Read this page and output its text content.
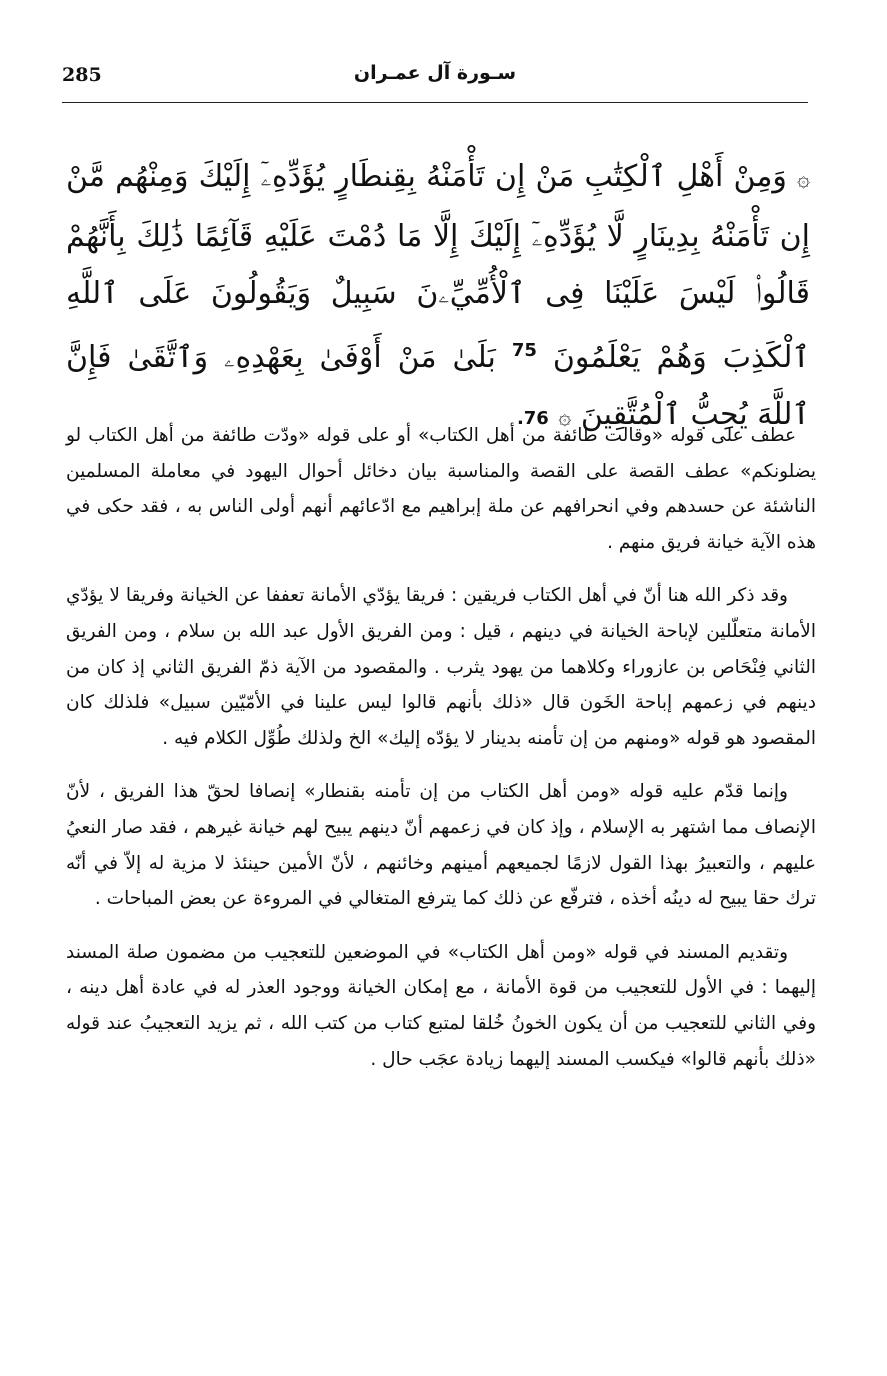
285	سـورة آل عمـران
۞ وَمِنْ أَهْلِ ٱلْكِتَٰبِ مَنْ إِن تَأْمَنْهُ بِقِنطَارٍ يُؤَدِّهِۦٓ إِلَيْكَ وَمِنْهُم مَّنْ إِن تَأْمَنْهُ بِدِينَارٍ لَّا يُؤَدِّهِۦٓ إِلَيْكَ إِلَّا مَا دُمْتَ عَلَيْهِ قَآئِمًا ذَٰلِكَ بِأَنَّهُمْ قَالُوا۟ لَيْسَ عَلَيْنَا فِى ٱلْأُمِّيِّۦنَ سَبِيلٌ وَيَقُولُونَ عَلَى ٱللَّهِ ٱلْكَذِبَ وَهُمْ يَعْلَمُونَ $^{75}$ بَلَىٰ مَنْ أَوْفَىٰ بِعَهْدِهِۦ وَٱتَّقَىٰ فَإِنَّ ٱللَّهَ يُحِبُّ ٱلْمُتَّقِينَ ۞ 76.

عطف على قوله «وقالت طائفة من أهل الكتاب» أو على قوله «ودّت طائفة من أهل الكتاب لو يضلونكم» عطف القصة على القصة والمناسبة بيان دخائل أحوال اليهود في معاملة المسلمين الناشئة عن حسدهم وفي انحرافهم عن ملة إبراهيم مع ادّعائهم أنهم أولى الناس به ، فقد حكى في هذه الآية خيانة فريق منهم .

وقد ذكر الله هنا أنّ في أهل الكتاب فريقين : فريقا يؤدّي الأمانة تعففا عن الخيانة وفريقا لا يؤدّي الأمانة متعلّلين لإباحة الخيانة في دينهم ، قيل : ومن الفريق الأول عبد الله بن سلام ، ومن الفريق الثاني فِنْحَاص بن عازوراء وكلاهما من يهود يثرب . والمقصود من الآية ذمّ الفريق الثاني إذ كان من دينهم في زعمهم إباحة الخَون قال «ذلك بأنهم قالوا ليس علينا في الأمّيّين سبيل» فلذلك كان المقصود هو قوله «ومنهم من إن تأمنه بدينار لا يؤدّه إليك» الخ ولذلك طُوِّل الكلام فيه .

وإنما قدّم عليه قوله «ومن أهل الكتاب من إن تأمنه بقنطار» إنصافا لحقّ هذا الفريق ، لأنّ الإنصاف مما اشتهر به الإسلام ، وإذ كان في زعمهم أنّ دينهم يبيح لهم خيانة غيرهم ، فقد صار النعيُ عليهم ، والتعبيرُ بهذا القول لازمًا لجميعهم أمينهم وخائنهم ، لأنّ الأمين حينئذ لا مزية له إلاّ في أنّه ترك حقا يبيح له دينُه أخذه ، فترفّع عن ذلك كما يترفع المتغالي في المروءة عن بعض المباحات .

وتقديم المسند في قوله «ومن أهل الكتاب» في الموضعين للتعجيب من مضمون صلة المسند إليهما : في الأول للتعجيب من قوة الأمانة ، مع إمكان الخيانة ووجود العذر له في عادة أهل دينه ، وفي الثاني للتعجيب من أن يكون الخونُ خُلقا لمتبع كتاب من كتب الله ، ثم يزيد التعجيبُ عند قوله «ذلك بأنهم قالوا» فيكسب المسند إليهما زيادة عجَب حال .
